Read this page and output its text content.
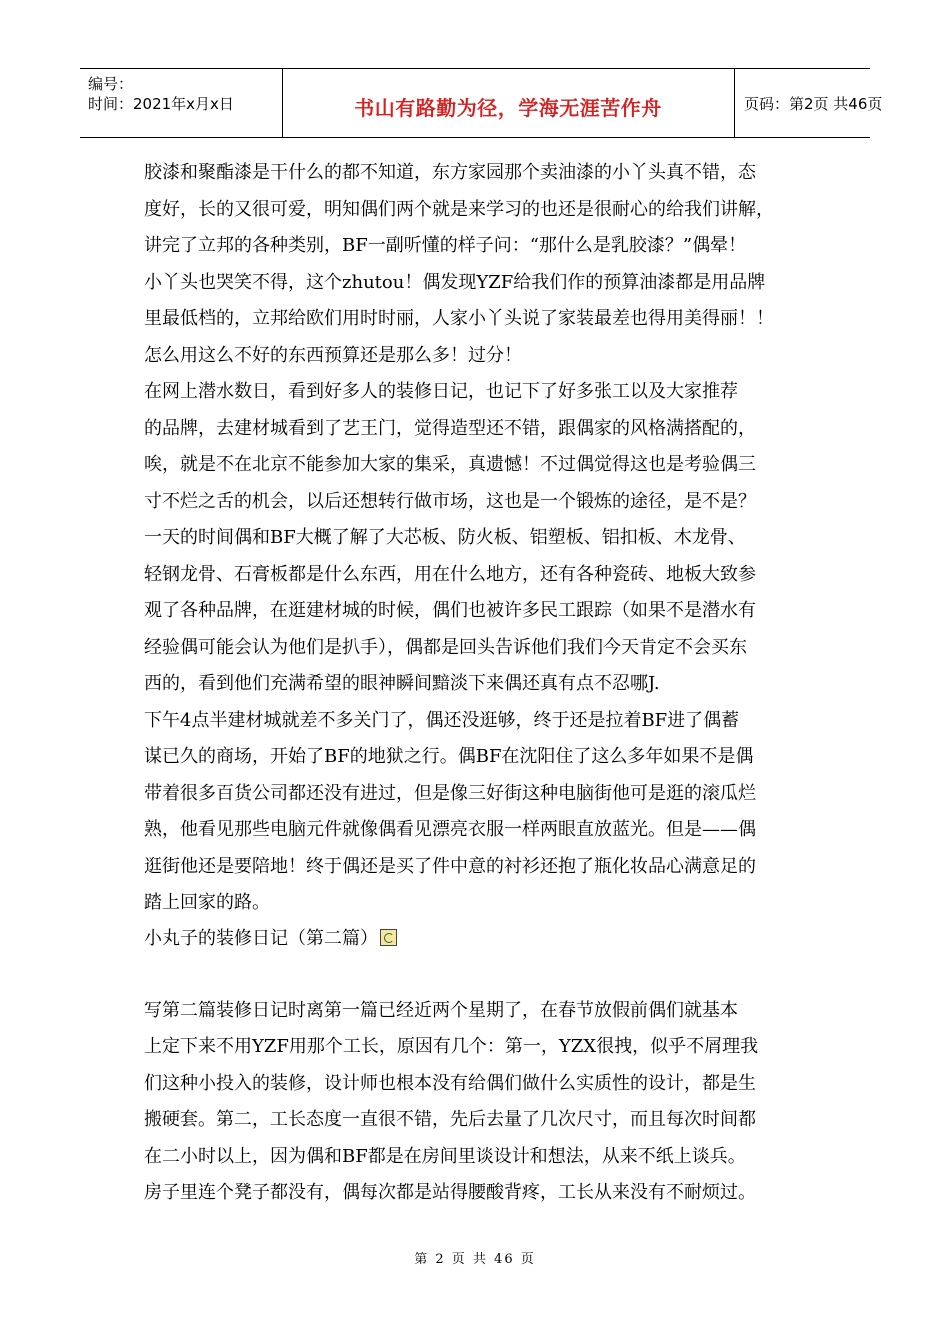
编号：
时间：2021年x月x日	书山有路勤为径，学海无涯苦作舟	页码：第2页 共46页
胶漆和聚酯漆是干什么的都不知道，东方家园那个卖油漆的小丫头真不错，态
度好，长的又很可爱，明知偶们两个就是来学习的也还是很耐心的给我们讲解，
讲完了立邦的各种类别，BF一副听懂的样子问：“那什么是乳胶漆？”偶晕！
小丫头也哭笑不得，这个zhutou！偶发现YZF给我们作的预算油漆都是用品牌
里最低档的，立邦给欧们用时时丽，人家小丫头说了家装最差也得用美得丽！！
怎么用这么不好的东西预算还是那么多！过分！
在网上潜水数日，看到好多人的装修日记，也记下了好多张工以及大家推荐
的品牌，去建材城看到了艺王门，觉得造型还不错，跟偶家的风格满搭配的，
唉，就是不在北京不能参加大家的集采，真遗憾！不过偶觉得这也是考验偶三
寸不烂之舌的机会，以后还想转行做市场，这也是一个锻炼的途径，是不是？
一天的时间偶和BF大概了解了大芯板、防火板、铝塑板、铝扣板、木龙骨、
轻钢龙骨、石膏板都是什么东西，用在什么地方，还有各种瓷砖、地板大致参
观了各种品牌，在逛建材城的时候，偶们也被许多民工跟踪（如果不是潜水有
经验偶可能会认为他们是扒手），偶都是回头告诉他们我们今天肯定不会买东
西的，看到他们充满希望的眼神瞬间黯淡下来偶还真有点不忍哪J.
下午4点半建材城就差不多关门了，偶还没逛够，终于还是拉着BF进了偶蓄
谋已久的商场，开始了BF的地狱之行。偶BF在沈阳住了这么多年如果不是偶
带着很多百货公司都还没有进过，但是像三好街这种电脑街他可是逛的滚瓜烂
熟，他看见那些电脑元件就像偶看见漂亮衣服一样两眼直放蓝光。但是——偶
逛街他还是要陪地！终于偶还是买了件中意的衬衫还抱了瓶化妆品心满意足的
踏上回家的路。
小丸子的装修日记（第二篇）
写第二篇装修日记时离第一篇已经近两个星期了，在春节放假前偶们就基本
上定下来不用YZF用那个工长，原因有几个：第一，YZX很拽，似乎不屑理我
们这种小投入的装修，设计师也根本没有给偶们做什么实质性的设计，都是生
搬硬套。第二，工长态度一直很不错，先后去量了几次尺寸，而且每次时间都
在二小时以上，因为偶和BF都是在房间里谈设计和想法，从来不纸上谈兵。
房子里连个凳子都没有，偶每次都是站得腰酸背疼，工长从来没有不耐烦过。
第 2 页 共 46 页
